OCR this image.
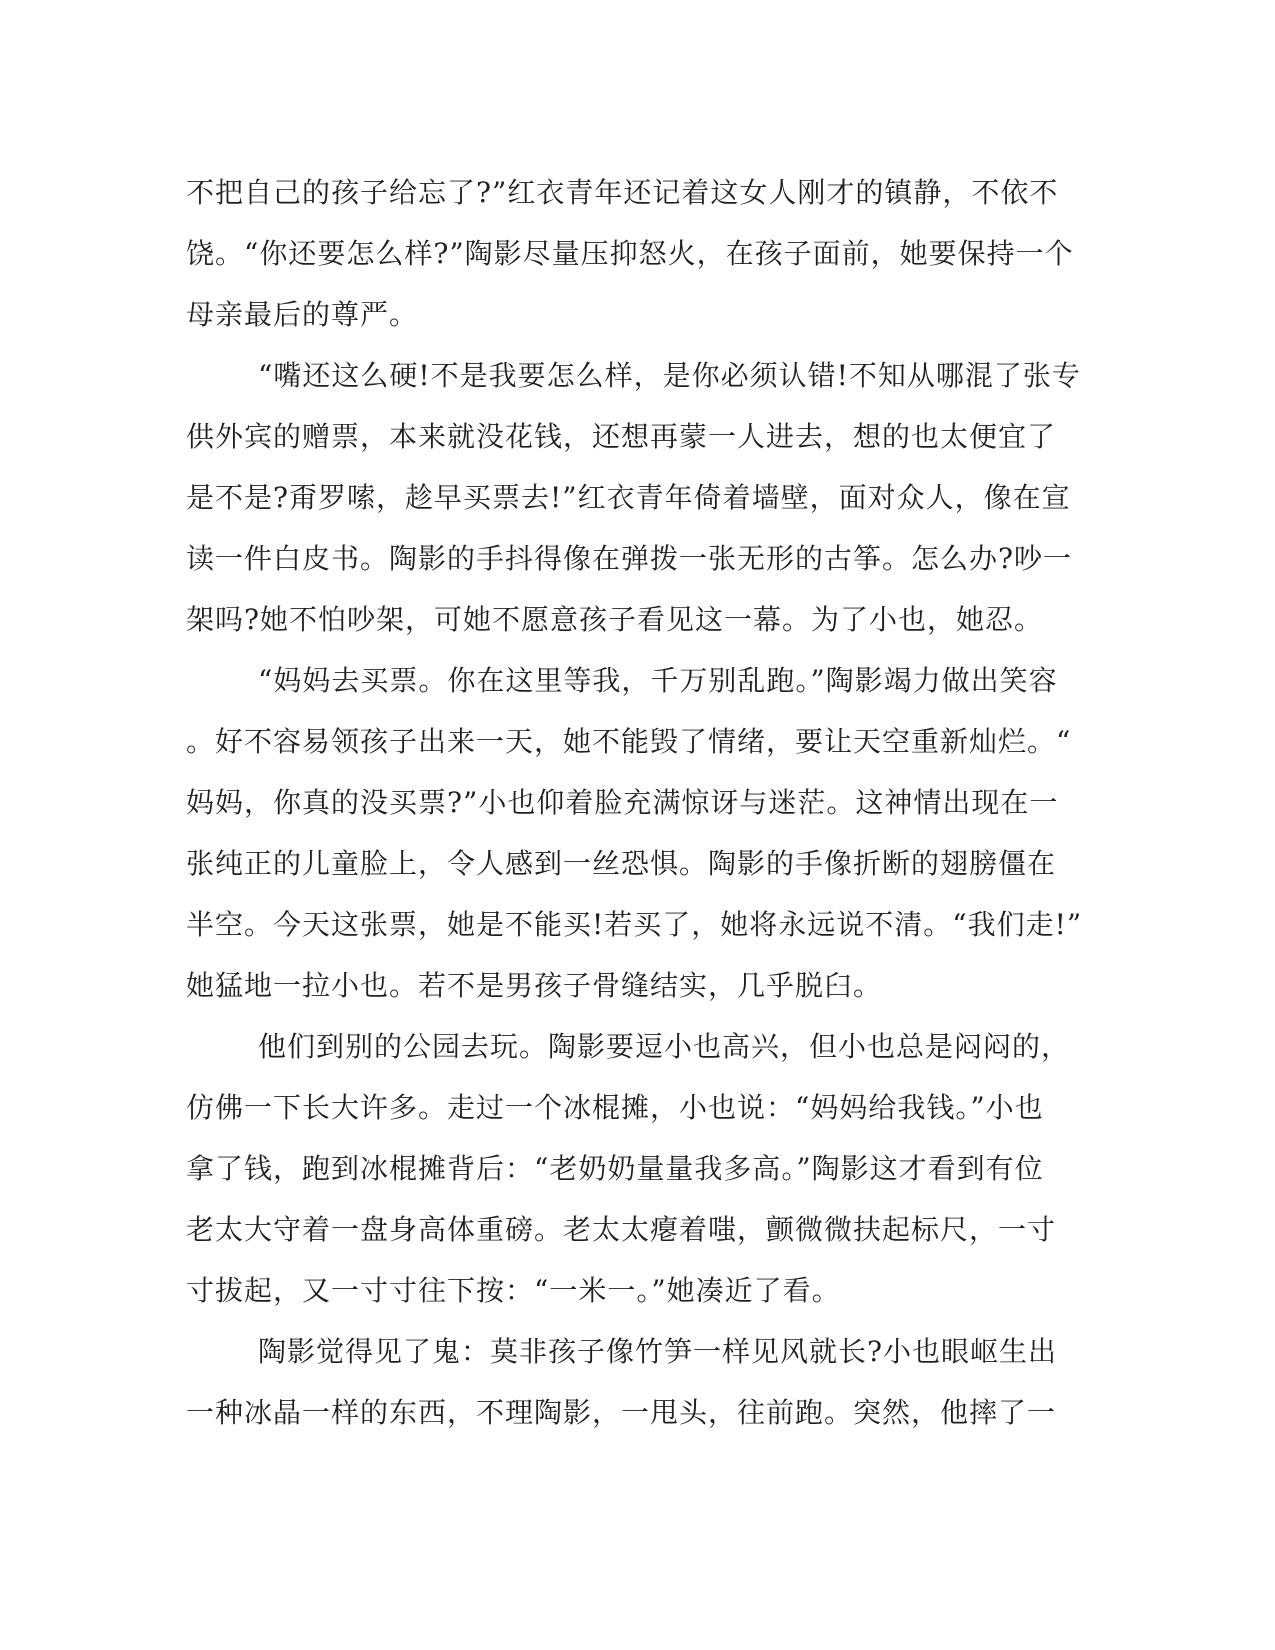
不把自己的孩子给忘了?”红衣青年还记着这女人刚才的镇静，不依不
饶。“你还要怎么样?”陶影尽量压抑怒火，在孩子面前，她要保持一个
母亲最后的尊严。
“嘴还这么硬!不是我要怎么样，是你必须认错!不知从哪混了张专
供外宾的赠票，本来就没花钱，还想再蒙一人进去，想的也太便宜了
是不是?甭罗嗦，趁早买票去!”红衣青年倚着墙壁，面对众人，像在宣
读一件白皮书。陶影的手抖得像在弹拨一张无形的古筝。怎么办?吵一
架吗?她不怕吵架，可她不愿意孩子看见这一幕。为了小也，她忍。
“妈妈去买票。你在这里等我，千万别乱跑。”陶影竭力做出笑容
。好不容易领孩子出来一天，她不能毁了情绪，要让天空重新灿烂。“
妈妈，你真的没买票?”小也仰着脸充满惊讶与迷茫。这神情出现在一
张纯正的儿童脸上，令人感到一丝恐惧。陶影的手像折断的翅膀僵在
半空。今天这张票，她是不能买!若买了，她将永远说不清。“我们走!”
她猛地一拉小也。若不是男孩子骨缝结实，几乎脱臼。
他们到别的公园去玩。陶影要逗小也高兴，但小也总是闷闷的，
仿佛一下长大许多。走过一个冰棍摊，小也说：“妈妈给我钱。”小也
拿了钱，跑到冰棍摊背后：“老奶奶量量我多高。”陶影这才看到有位
老太大守着一盘身高体重磅。老太太瘪着嗤，颤微微扶起标尺，一寸
寸拔起，又一寸寸往下按：“一米一。”她凑近了看。
陶影觉得见了鬼：莫非孩子像竹笋一样见风就长?小也眼岖生出
一种冰晶一样的东西，不理陶影，一甩头，往前跑。突然，他摔了一
